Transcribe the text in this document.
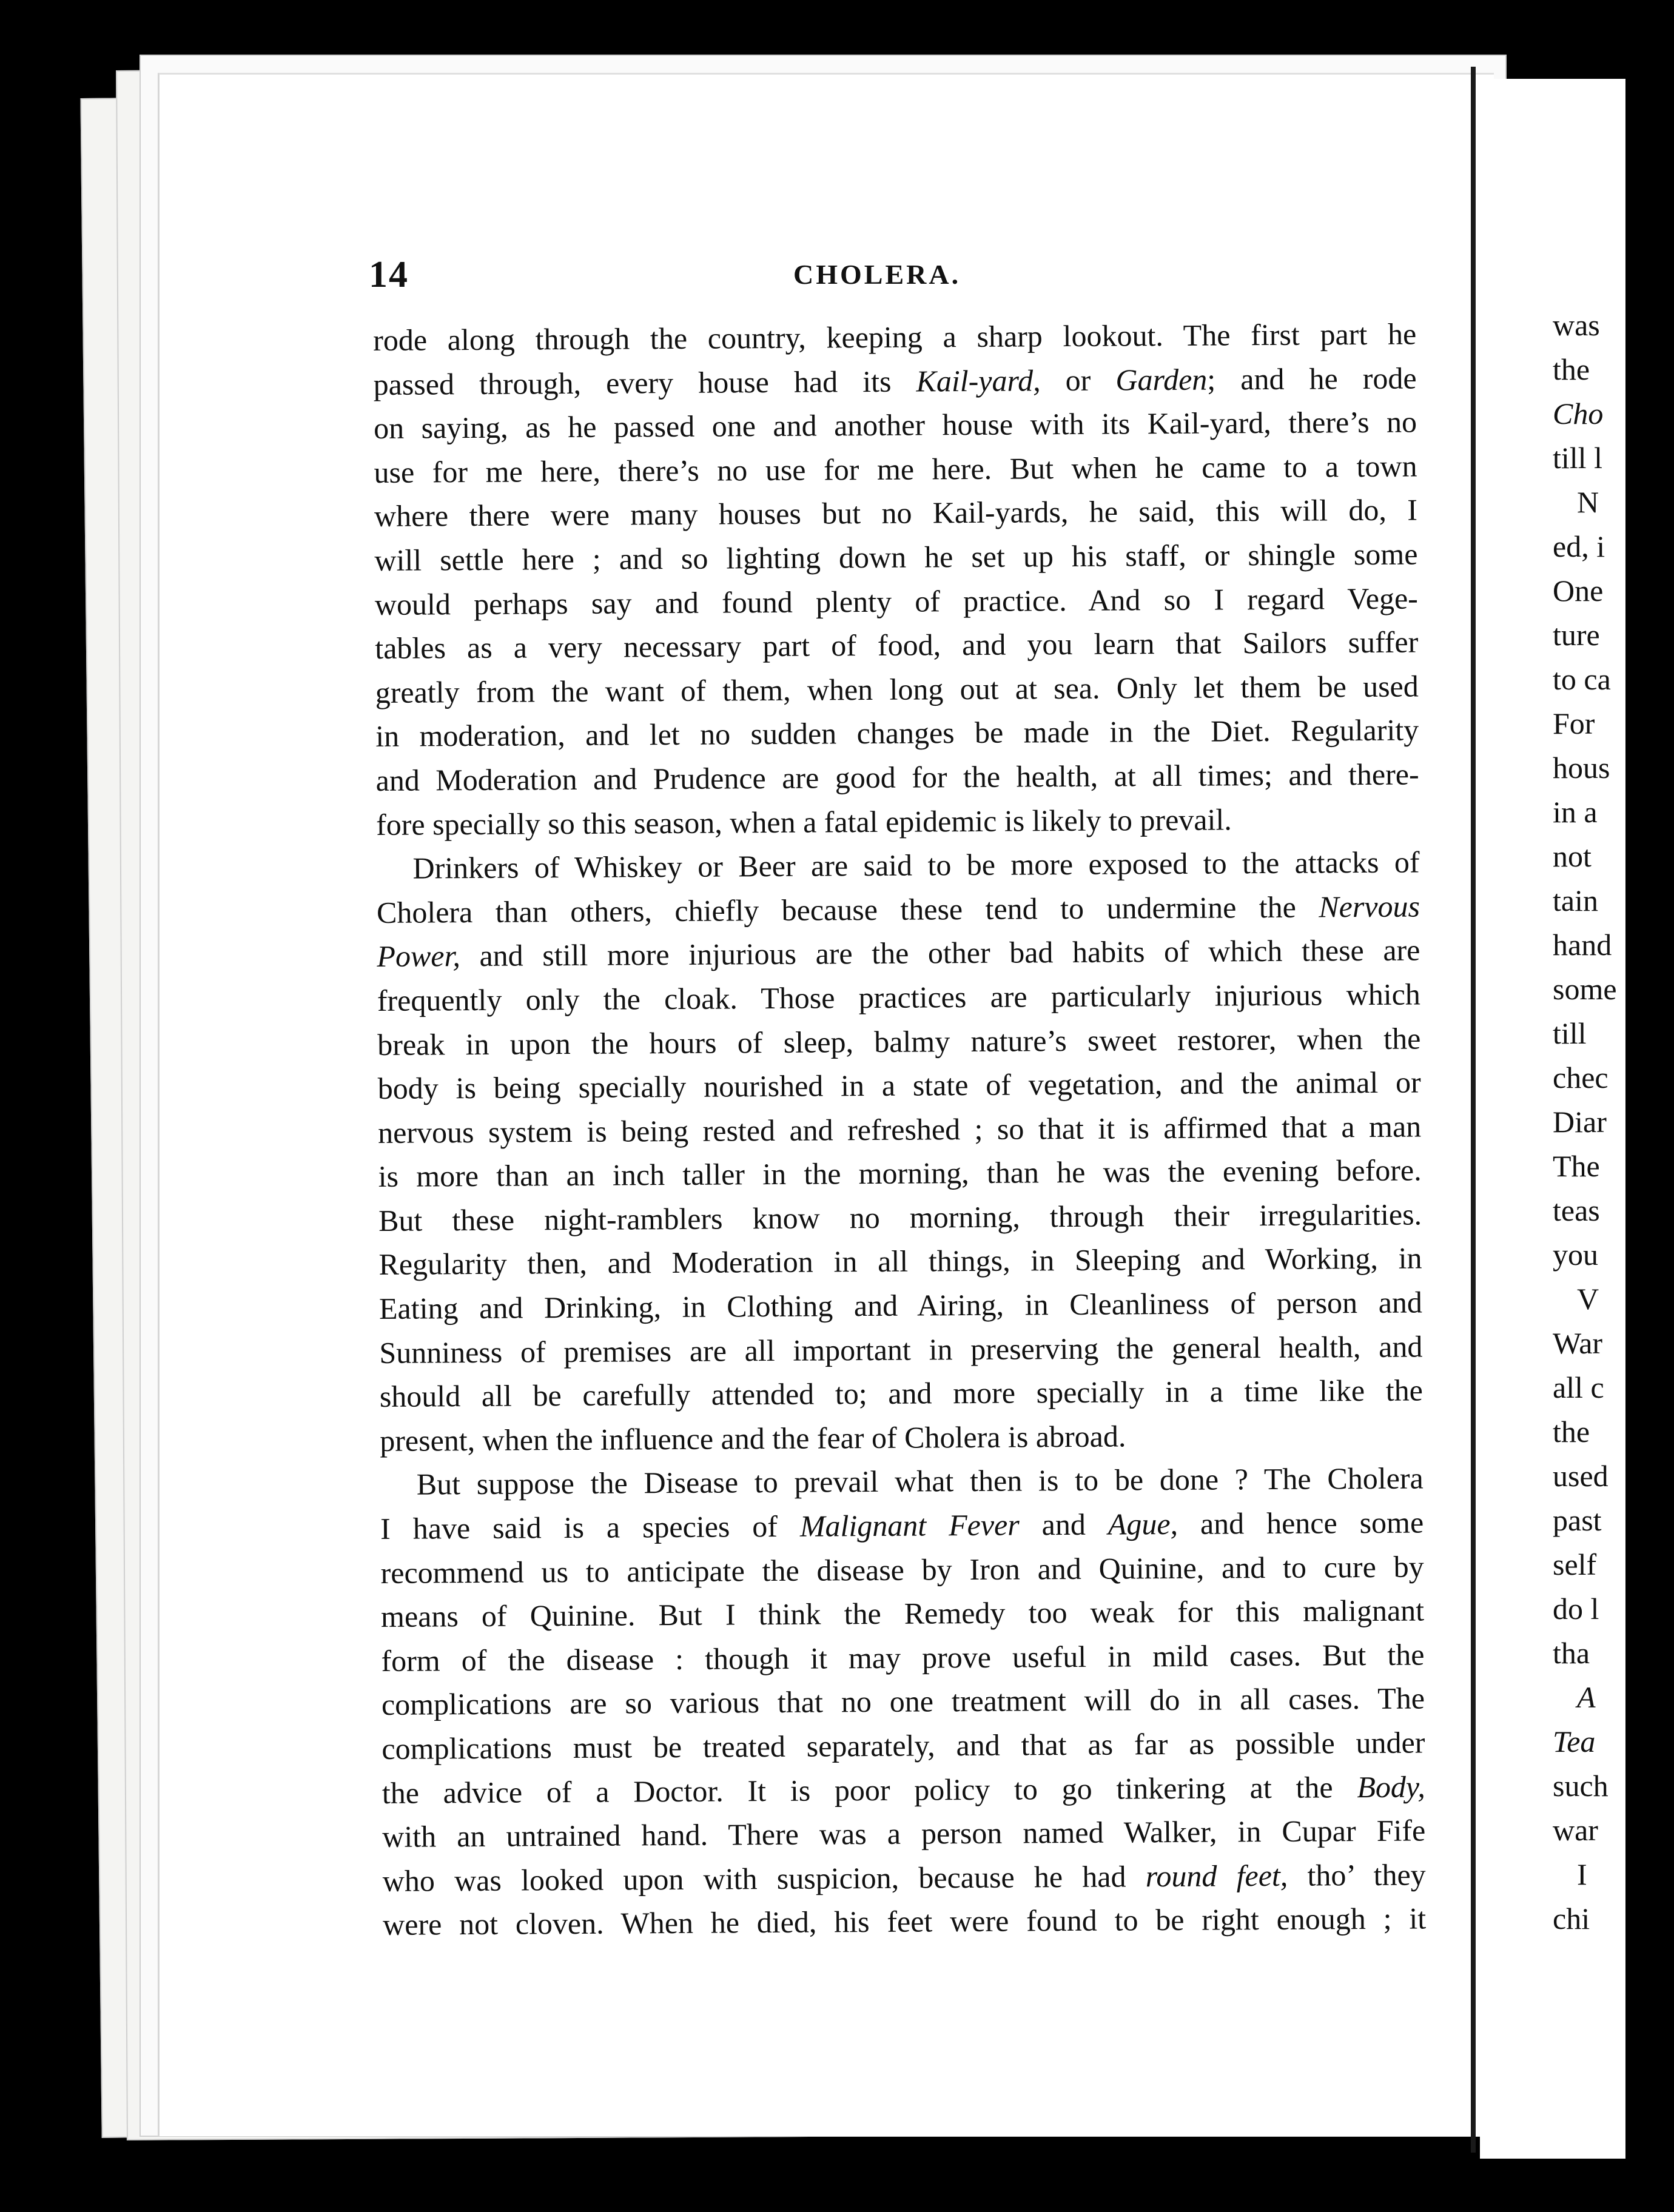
14	CHOLERA.
rode along through the country, keeping a sharp lookout. The first part he
passed through, every house had its Kail-yard, or Garden; and he rode
on saying, as he passed one and another house with its Kail-yard, there’s no
use for me here, there’s no use for me here. But when he came to a town
where there were many houses but no Kail-yards, he said, this will do, I
will settle here ; and so lighting down he set up his staff, or shingle some
would perhaps say and found plenty of practice. And so I regard Vege-
tables as a very necessary part of food, and you learn that Sailors suffer
greatly from the want of them, when long out at sea. Only let them be used
in moderation, and let no sudden changes be made in the Diet. Regularity
and Moderation and Prudence are good for the health, at all times; and there-
fore specially so this season, when a fatal epidemic is likely to prevail.
Drinkers of Whiskey or Beer are said to be more exposed to the attacks of
Cholera than others, chiefly because these tend to undermine the Nervous
Power, and still more injurious are the other bad habits of which these are
frequently only the cloak. Those practices are particularly injurious which
break in upon the hours of sleep, balmy nature’s sweet restorer, when the
body is being specially nourished in a state of vegetation, and the animal or
nervous system is being rested and refreshed ; so that it is affirmed that a man
is more than an inch taller in the morning, than he was the evening before.
But these night-ramblers know no morning, through their irregularities.
Regularity then, and Moderation in all things, in Sleeping and Working, in
Eating and Drinking, in Clothing and Airing, in Cleanliness of person and
Sunniness of premises are all important in preserving the general health, and
should all be carefully attended to; and more specially in a time like the
present, when the influence and the fear of Cholera is abroad.
But suppose the Disease to prevail what then is to be done ? The Cholera
I have said is a species of Malignant Fever and Ague, and hence some
recommend us to anticipate the disease by Iron and Quinine, and to cure by
means of Quinine. But I think the Remedy too weak for this malignant
form of the disease : though it may prove useful in mild cases. But the
complications are so various that no one treatment will do in all cases. The
complications must be treated separately, and that as far as possible under
the advice of a Doctor. It is poor policy to go tinkering at the Body,
with an untrained hand. There was a person named Walker, in Cupar Fife
who was looked upon with suspicion, because he had round feet, tho’ they
were not cloven. When he died, his feet were found to be right enough ; it
was
the
Cho
till l
N
ed, i
One
ture
to ca
For
hous
in a
not
tain
hand
some
till
chec
Diar
The
teas
you
V
War
all c
the
used
past
self
do l
tha
A
Tea
such
war
I
chi
